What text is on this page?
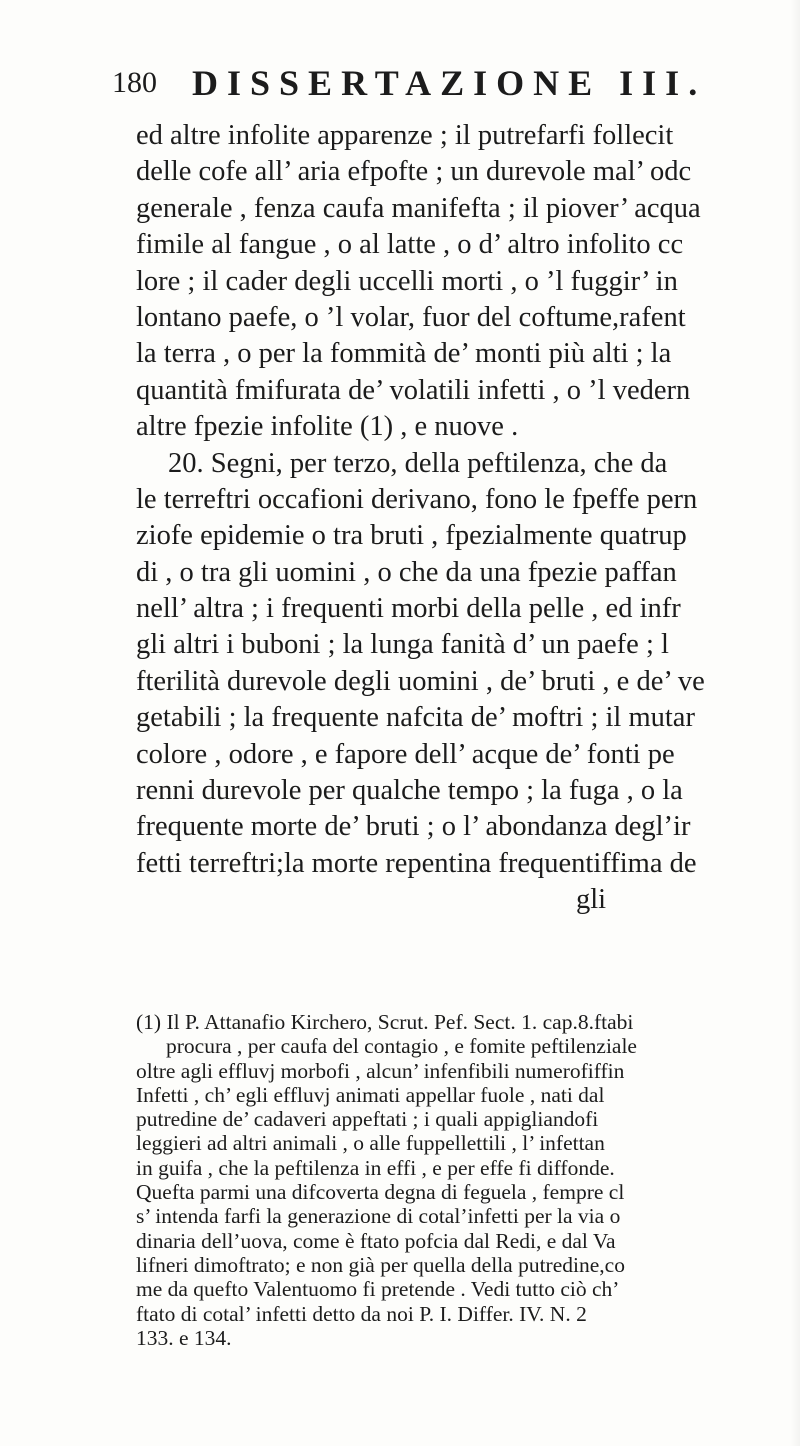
180 DISSERTAZIONE III.
ed altre infolite apparenze ; il putrefarfi follecit
delle cofe all’ aria efpofte ; un durevole mal’ odc
generale , fenza caufa manifefta ; il piover’ acqua
fimile al fangue , o al latte , o d’ altro infolito cc
lore ; il cader degli uccelli morti , o ’l fuggir’ in
lontano paefe, o ’l volar, fuor del coftume,rafent
la terra , o per la fommità de’ monti più alti ; la
quantità fmifurata de’ volatili infetti , o ’l vedern
altre fpezie infolite (1) , e nuove .
20. Segni, per terzo, della peftilenza, che da
le terreftri occafioni derivano, fono le fpeffe pern
ziofe epidemie o tra bruti , fpezialmente quatrup
di , o tra gli uomini , o che da una fpezie paffan
nell’ altra ; i frequenti morbi della pelle , ed infr
gli altri i buboni ; la lunga fanità d’ un paefe ; l
fterilità durevole degli uomini , de’ bruti , e de’ ve
getabili ; la frequente nafcita de’ moftri ; il mutar
colore , odore , e fapore dell’ acque de’ fonti pe
renni durevole per qualche tempo ; la fuga , o la
frequente morte de’ bruti ; o l’ abondanza degl’ir
fetti terreftri;la morte repentina frequentiffima de
gli
(1) Il P. Attanafio Kirchero, Scrut. Pef. Sect. 1. cap.8.ftabi
procura , per caufa del contagio , e fomite peftilenziale
oltre agli effluvj morbofi , alcun’ infenfibili numerofiffin
Infetti , ch’ egli effluvj animati appellar fuole , nati dal
putredine de’ cadaveri appeftati ; i quali appigliandofi
leggieri ad altri animali , o alle fuppellettili , l’ infettan
in guifa , che la peftilenza in effi , e per effe fi diffonde.
Quefta parmi una difcoverta degna di feguela , fempre cl
s’ intenda farfi la generazione di cotal’infetti per la via o
dinaria dell’uova, come è ftato pofcia dal Redi, e dal Va
lifneri dimoftrato; e non già per quella della putredine,co
me da quefto Valentuomo fi pretende . Vedi tutto ciò ch’
ftato di cotal’ infetti detto da noi P. I. Differ. IV. N. 2
133. e 134.
